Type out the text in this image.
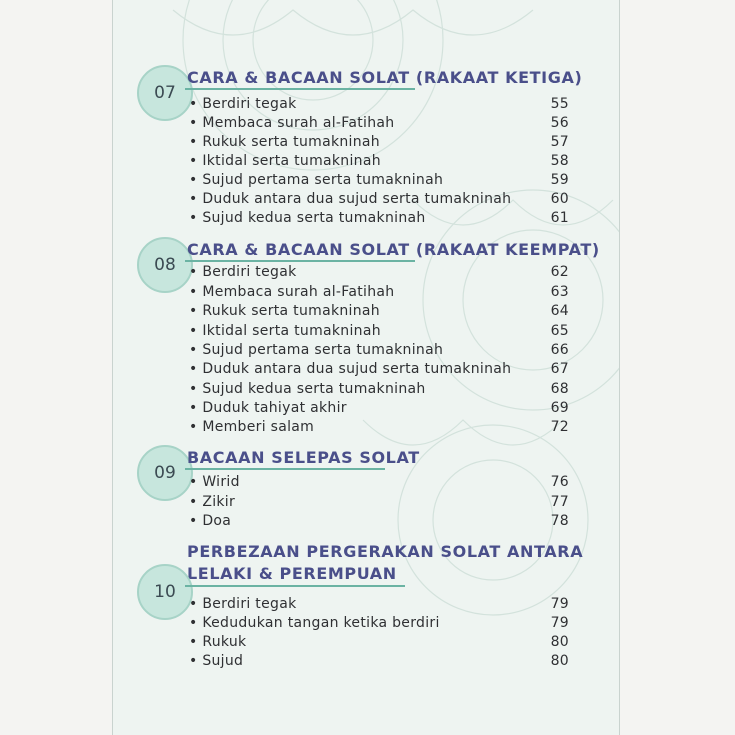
07
CARA & BACAAN SOLAT (RAKAAT KETIGA)
• Berdiri tegak	55
• Membaca surah al-Fatihah	56
• Rukuk serta tumakninah	57
• Iktidal serta tumakninah	58
• Sujud pertama serta tumakninah	59
• Duduk antara dua sujud serta tumakninah	60
• Sujud kedua serta tumakninah	61
08
CARA & BACAAN SOLAT (RAKAAT KEEMPAT)
• Berdiri tegak	62
• Membaca surah al-Fatihah	63
• Rukuk serta tumakninah	64
• Iktidal serta tumakninah	65
• Sujud pertama serta tumakninah	66
• Duduk antara dua sujud serta tumakninah	67
• Sujud kedua serta tumakninah	68
• Duduk tahiyat akhir	69
• Memberi salam	72
09
BACAAN SELEPAS SOLAT
• Wirid	76
• Zikir	77
• Doa	78
PERBEZAAN PERGERAKAN SOLAT ANTARA
LELAKI & PEREMPUAN
10
• Berdiri tegak	79
• Kedudukan tangan ketika berdiri	79
• Rukuk	80
• Sujud	80
